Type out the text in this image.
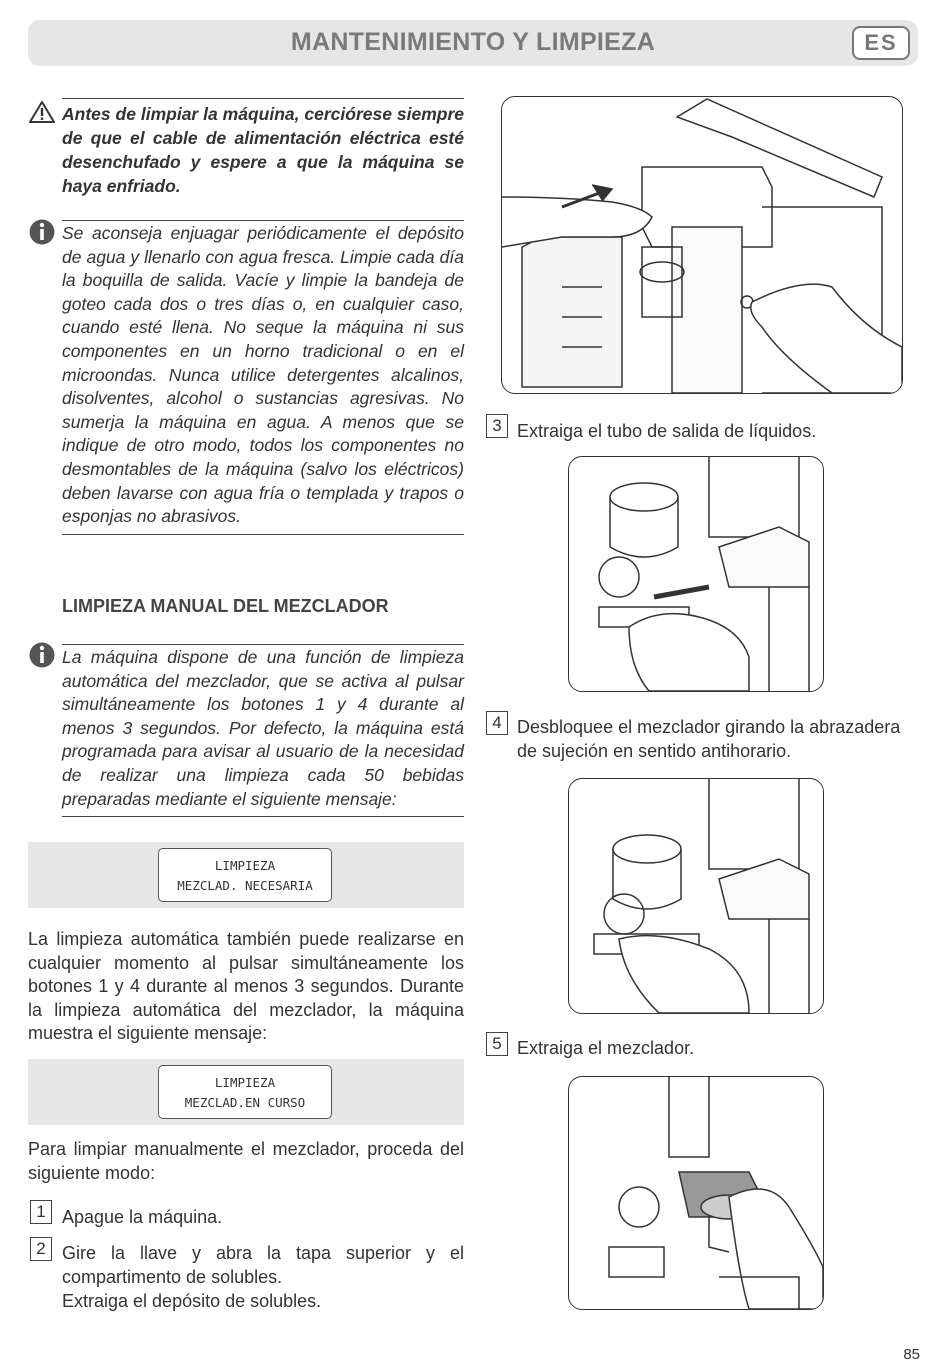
MANTENIMIENTO Y LIMPIEZA	ES
Antes de limpiar la máquina, cerciórese siempre de que el cable de alimentación eléctrica esté desenchufado y espere a que la máquina se haya enfriado.
Se aconseja enjuagar periódicamente el depósito de agua y llenarlo con agua fresca. Limpie cada día la boquilla de salida. Vacíe y limpie la bandeja de goteo cada dos o tres días o, en cualquier caso, cuando esté llena. No seque la máquina ni sus componentes en un horno tradicional o en el microondas. Nunca utilice detergentes alcalinos, disolventes, alcohol o sustancias agresivas. No sumerja la máquina en agua. A menos que se indique de otro modo, todos los componentes no desmontables de la máquina (salvo los eléctricos) deben lavarse con agua fría o templada y trapos o esponjas no abrasivos.
LIMPIEZA MANUAL DEL MEZCLADOR
La máquina dispone de una función de limpieza automática del mezclador, que se activa al pulsar simultáneamente los botones 1 y 4 durante al menos 3 segundos. Por defecto, la máquina está programada para avisar al usuario de la necesidad de realizar una limpieza cada 50 bebidas preparadas mediante el siguiente mensaje:
LIMPIEZA
MEZCLAD. NECESARIA
La limpieza automática también puede realizarse en cualquier momento al pulsar simultáneamente los botones 1 y 4 durante al menos 3 segundos. Durante la limpieza automática del mezclador, la máquina muestra el siguiente mensaje:
LIMPIEZA
MEZCLAD.EN CURSO
Para limpiar manualmente el mezclador, proceda del siguiente modo:
1 Apague la máquina.
2 Gire la llave y abra la tapa superior y el compartimento de solubles.
Extraiga el depósito de solubles.
3 Extraiga el tubo de salida de líquidos.
4 Desbloquee el mezclador girando la abrazadera de sujeción en sentido antihorario.
5 Extraiga el mezclador.
85
